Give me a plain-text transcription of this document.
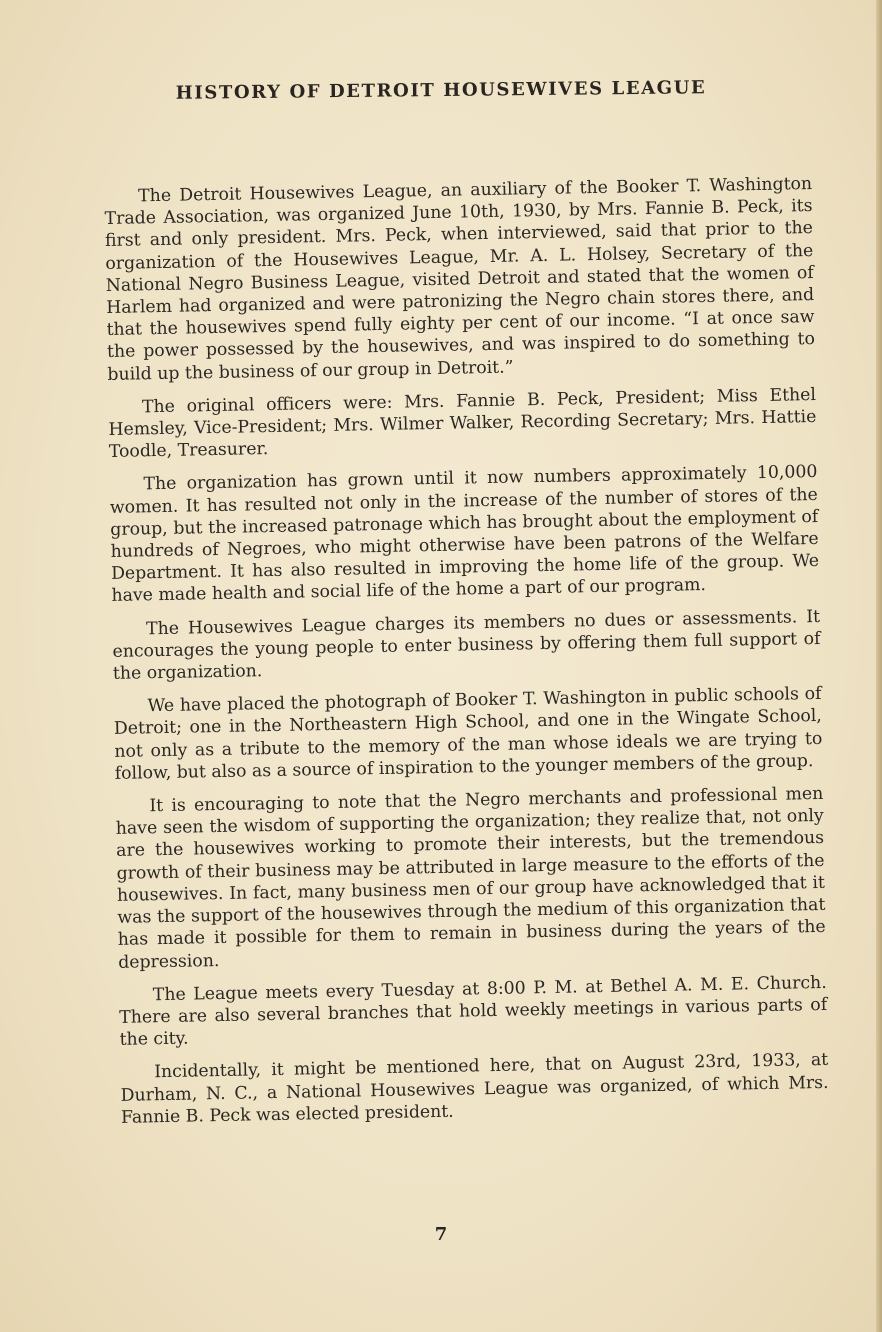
HISTORY OF DETROIT HOUSEWIVES LEAGUE

The Detroit Housewives League, an auxiliary of the Booker T. Washington Trade Association, was organized June 10th, 1930, by Mrs. Fannie B. Peck, its first and only president. Mrs. Peck, when interviewed, said that prior to the organization of the Housewives League, Mr. A. L. Holsey, Secretary of the National Negro Business League, visited Detroit and stated that the women of Harlem had organized and were patronizing the Negro chain stores there, and that the housewives spend fully eighty per cent of our income. “I at once saw the power possessed by the housewives, and was inspired to do something to build up the business of our group in Detroit.”

The original officers were: Mrs. Fannie B. Peck, President; Miss Ethel Hemsley, Vice-President; Mrs. Wilmer Walker, Recording Secretary; Mrs. Hattie Toodle, Treasurer.

The organization has grown until it now numbers approximately 10,000 women. It has resulted not only in the increase of the number of stores of the group, but the increased patronage which has brought about the employment of hundreds of Negroes, who might otherwise have been patrons of the Welfare Department. It has also resulted in improving the home life of the group. We have made health and social life of the home a part of our program.

The Housewives League charges its members no dues or assessments. It encourages the young people to enter business by offering them full support of the organization.

We have placed the photograph of Booker T. Washington in public schools of Detroit; one in the Northeastern High School, and one in the Wingate School, not only as a tribute to the memory of the man whose ideals we are trying to follow, but also as a source of inspiration to the younger members of the group.

It is encouraging to note that the Negro merchants and professional men have seen the wisdom of supporting the organization; they realize that, not only are the housewives working to promote their interests, but the tremendous growth of their business may be attributed in large measure to the efforts of the housewives. In fact, many business men of our group have acknowledged that it was the support of the housewives through the medium of this organization that has made it possible for them to remain in business during the years of the depression.

The League meets every Tuesday at 8:00 P. M. at Bethel A. M. E. Church. There are also several branches that hold weekly meetings in various parts of the city.

Incidentally, it might be mentioned here, that on August 23rd, 1933, at Durham, N. C., a National Housewives League was organized, of which Mrs. Fannie B. Peck was elected president.

7
